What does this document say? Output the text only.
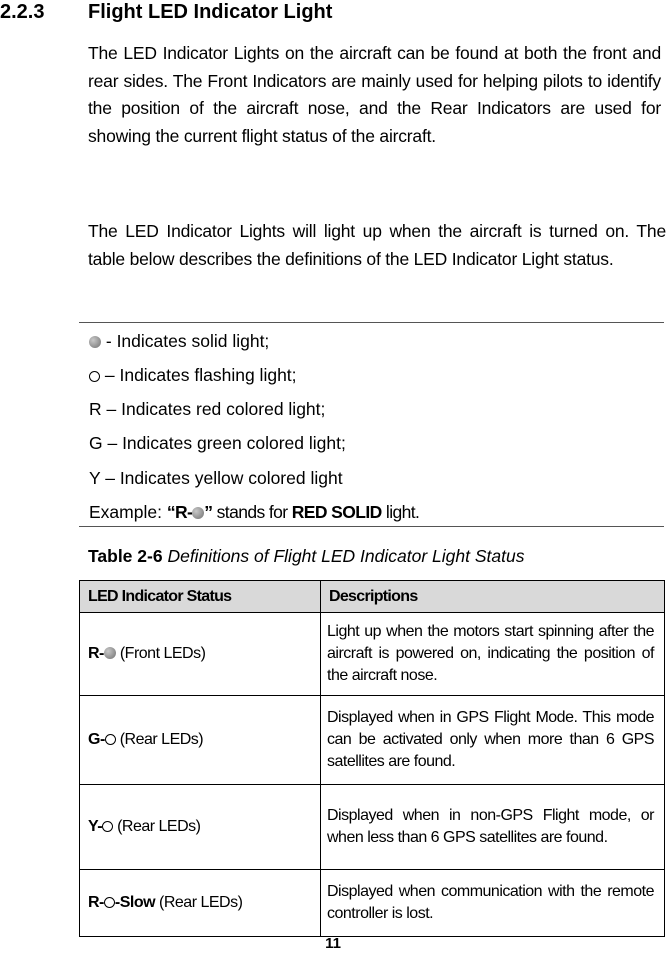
2.2.3 Flight LED Indicator Light

The LED Indicator Lights on the aircraft can be found at both the front and rear sides. The Front Indicators are mainly used for helping pilots to identify the position of the aircraft nose, and the Rear Indicators are used for showing the current flight status of the aircraft.

The LED Indicator Lights will light up when the aircraft is turned on. The table below describes the definitions of the LED Indicator Light status.

- Indicates solid light;
– Indicates flashing light;
R – Indicates red colored light;
G – Indicates green colored light;
Y – Indicates yellow colored light
Example: “R- ” stands for RED SOLID light.
Table 2-6 Definitions of Flight LED Indicator Light Status
LED Indicator Status	Descriptions
R- (Front LEDs)	Light up when the motors start spinning after the aircraft is powered on, indicating the position of the aircraft nose.
G- (Rear LEDs)	Displayed when in GPS Flight Mode. This mode can be activated only when more than 6 GPS satellites are found.
Y- (Rear LEDs)	Displayed when in non-GPS Flight mode, or when less than 6 GPS satellites are found.
R- -Slow (Rear LEDs)	Displayed when communication with the remote controller is lost.
11
